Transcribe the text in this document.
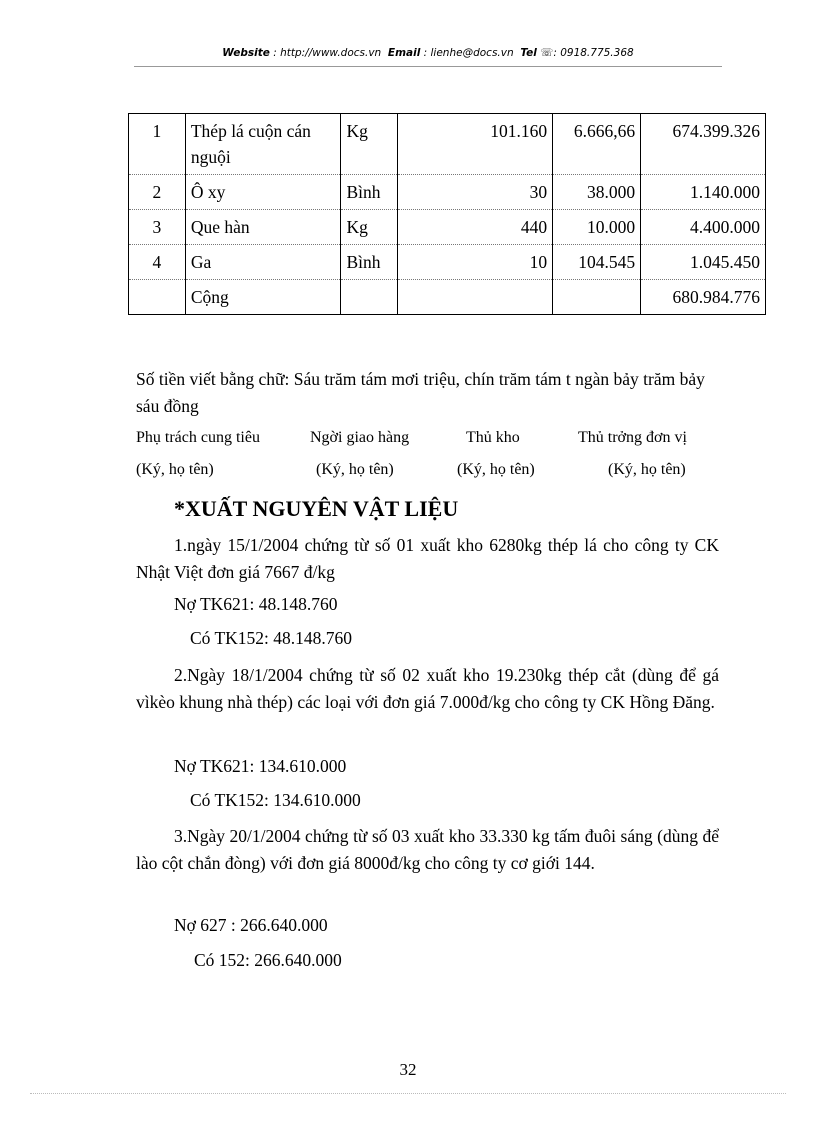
Website : http://www.docs.vn Email : lienhe@docs.vn Tel ☏: 0918.775.368
1	Thép lá cuộn cán nguội	Kg	101.160	6.666,66	674.399.326
2	Ô xy	Bình	30	38.000	1.140.000
3	Que hàn	Kg	440	10.000	4.400.000
4	Ga	Bình	10	104.545	1.045.450
	Cộng				680.984.776
Số tiền viết bằng chữ: Sáu trăm tám mơi triệu, chín trăm tám t ngàn bảy trăm bảy sáu đồng
Phụ trách cung tiêu	Ngời giao hàng	Thủ kho	Thủ trởng đơn vị
(Ký, họ tên)	(Ký, họ tên)	(Ký, họ tên)	(Ký, họ tên)
*XUẤT NGUYÊN VẬT LIỆU
1.ngày 15/1/2004 chứng từ số 01 xuất kho 6280kg thép lá cho công ty CK Nhật Việt đơn giá 7667 đ/kg
Nợ TK621: 48.148.760
Có TK152: 48.148.760
2.Ngày 18/1/2004 chứng từ số 02 xuất kho 19.230kg thép cắt (dùng để gá vìkèo khung nhà thép) các loại với đơn giá 7.000đ/kg cho công ty CK Hồng Đăng.
Nợ TK621: 134.610.000
Có TK152: 134.610.000
3.Ngày 20/1/2004 chứng từ số 03 xuất kho 33.330 kg tấm đuôi sáng (dùng để lào cột chắn đòng) với đơn giá 8000đ/kg cho công ty cơ giới 144.
Nợ 627 : 266.640.000
Có 152: 266.640.000
32
